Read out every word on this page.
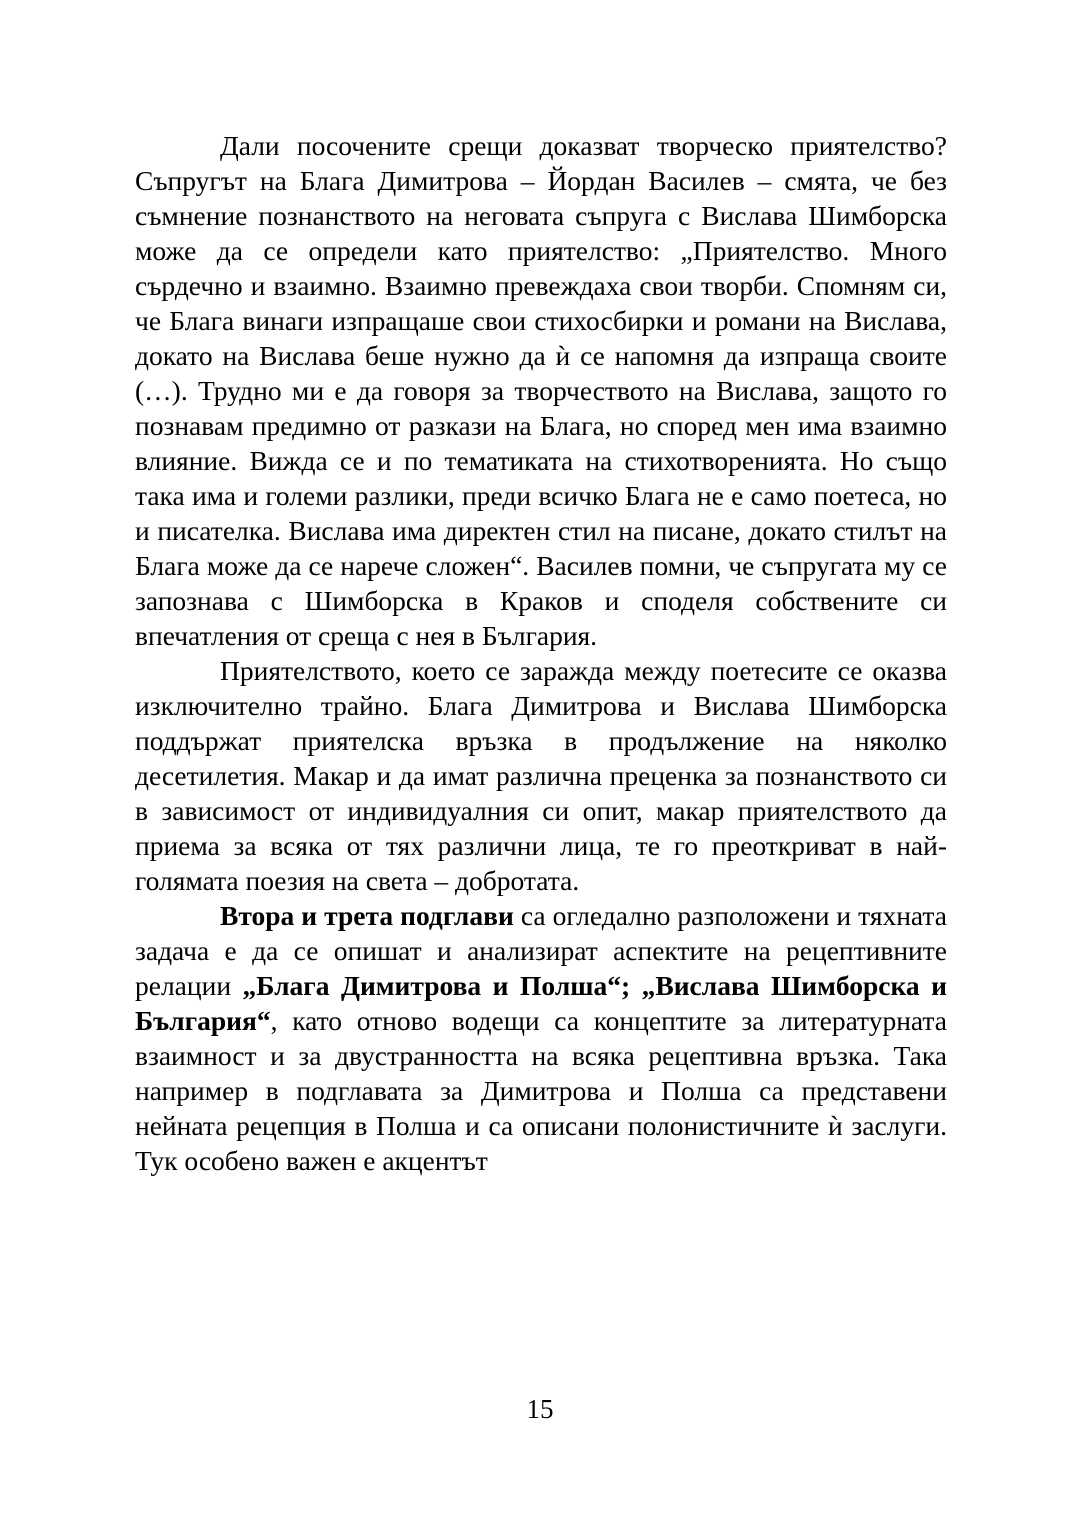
Дали посочените срещи доказват творческо приятелство? Съпругът на Блага Димитрова – Йордан Василев – смята, че без съмнение познанството на неговата съпруга с Вислава Шимборска може да се определи като приятелство: „Приятелство. Много сърдечно и взаимно. Взаимно превеждаха свои творби. Спомням си, че Блага винаги изпращаше свои стихосбирки и романи на Вислава, докато на Вислава беше нужно да ѝ се напомня да изпраща своите (…). Трудно ми е да говоря за творчеството на Вислава, защото го познавам предимно от разкази на Блага, но според мен има взаимно влияние. Вижда се и по тематиката на стихотворенията. Но също така има и големи разлики, преди всичко Блага не е само поетеса, но и писателка. Вислава има директен стил на писане, докато стилът на Блага може да се нарече сложен“. Василев помни, че съпругата му се запознава с Шимборска в Краков и споделя собствените си впечатления от среща с нея в България.

Приятелството, което се заражда между поетесите се оказва изключително трайно. Блага Димитрова и Вислава Шимборска поддържат приятелска връзка в продължение на няколко десетилетия. Макар и да имат различна преценка за познанството си в зависимост от индивидуалния си опит, макар приятелството да приема за всяка от тях различни лица, те го преоткриват в най-голямата поезия на света – добротата.

Втора и трета подглави са огледално разположени и тяхната задача е да се опишат и анализират аспектите на рецептивните релации „Блага Димитрова и Полша“; „Вислава Шимборска и България“, като отново водещи са концептите за литературната взаимност и за двустранността на всяка рецептивна връзка. Така например в подглавата за Димитрова и Полша са представени нейната рецепция в Полша и са описани полонистичните ѝ заслуги. Тук особено важен е акцентът

15
